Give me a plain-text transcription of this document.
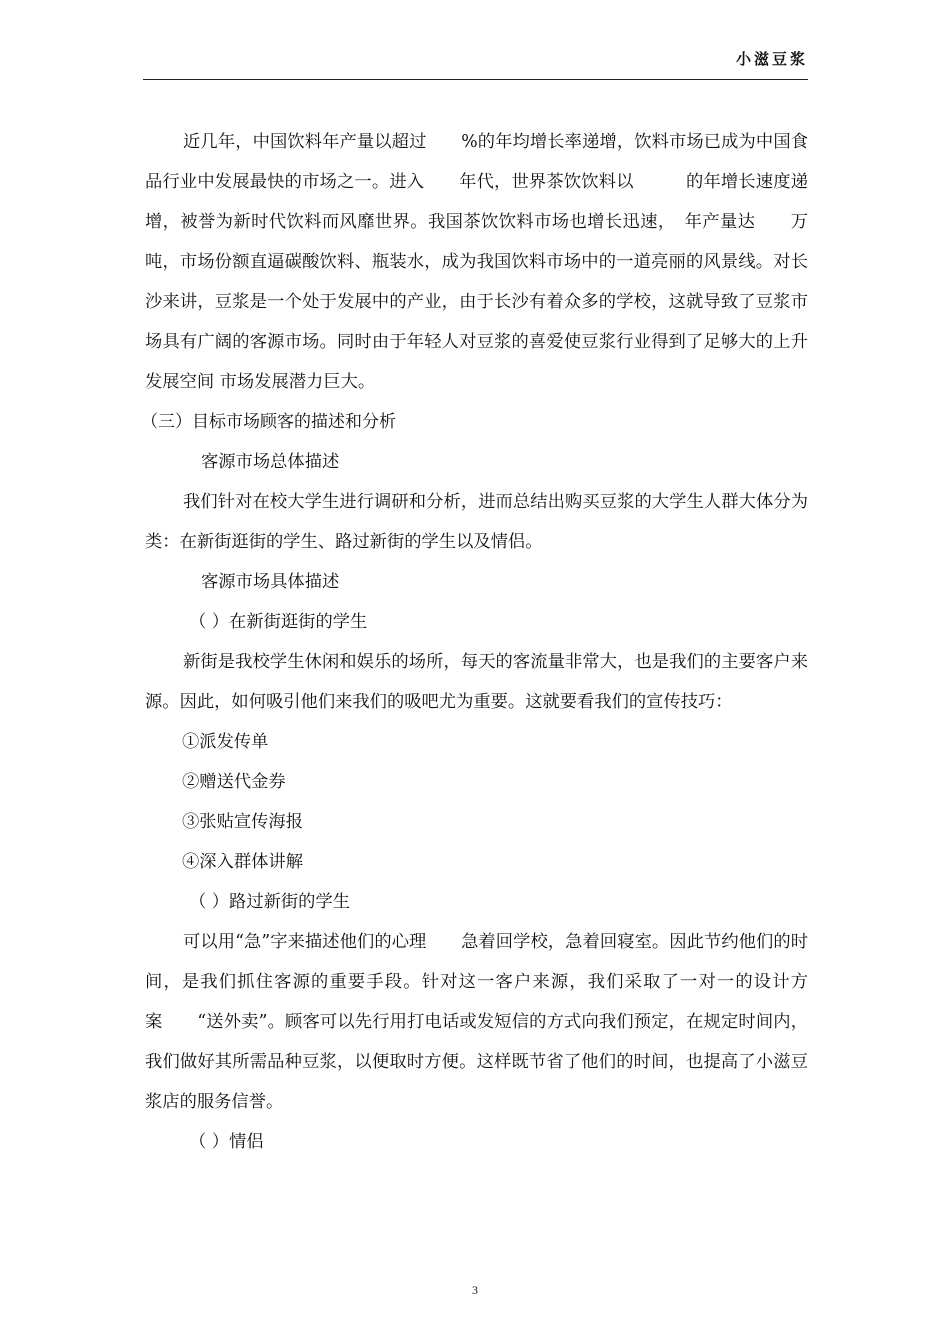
小滋豆浆

近几年，中国饮料年产量以超过　　%的年均增长率递增，饮料市场已成为中国食品行业中发展最快的市场之一。进入　　年代，世界茶饮饮料以　　　的年增长速度递增，被誉为新时代饮料而风靡世界。我国茶饮饮料市场也增长迅速，　年产量达　　万吨，市场份额直逼碳酸饮料、瓶装水，成为我国饮料市场中的一道亮丽的风景线。对长沙来讲，豆浆是一个处于发展中的产业，由于长沙有着众多的学校，这就导致了豆浆市场具有广阔的客源市场。同时由于年轻人对豆浆的喜爱使豆浆行业得到了足够大的上升发展空间 市场发展潜力巨大。

（三）目标市场顾客的描述和分析

客源市场总体描述

我们针对在校大学生进行调研和分析，进而总结出购买豆浆的大学生人群大体分为　类：在新街逛街的学生、路过新街的学生以及情侣。

客源市场具体描述

（ ）在新街逛街的学生

新街是我校学生休闲和娱乐的场所，每天的客流量非常大，也是我们的主要客户来源。因此，如何吸引他们来我们的吸吧尤为重要。这就要看我们的宣传技巧：

①派发传单

②赠送代金券

③张贴宣传海报

④深入群体讲解

（ ）路过新街的学生

可以用“急”字来描述他们的心理　　急着回学校，急着回寝室。因此节约他们的时间，是我们抓住客源的重要手段。针对这一客户来源，我们采取了一对一的设计方案　　“送外卖”。顾客可以先行用打电话或发短信的方式向我们预定，在规定时间内，我们做好其所需品种豆浆，以便取时方便。这样既节省了他们的时间，也提高了小滋豆浆店的服务信誉。

（ ）情侣

3
